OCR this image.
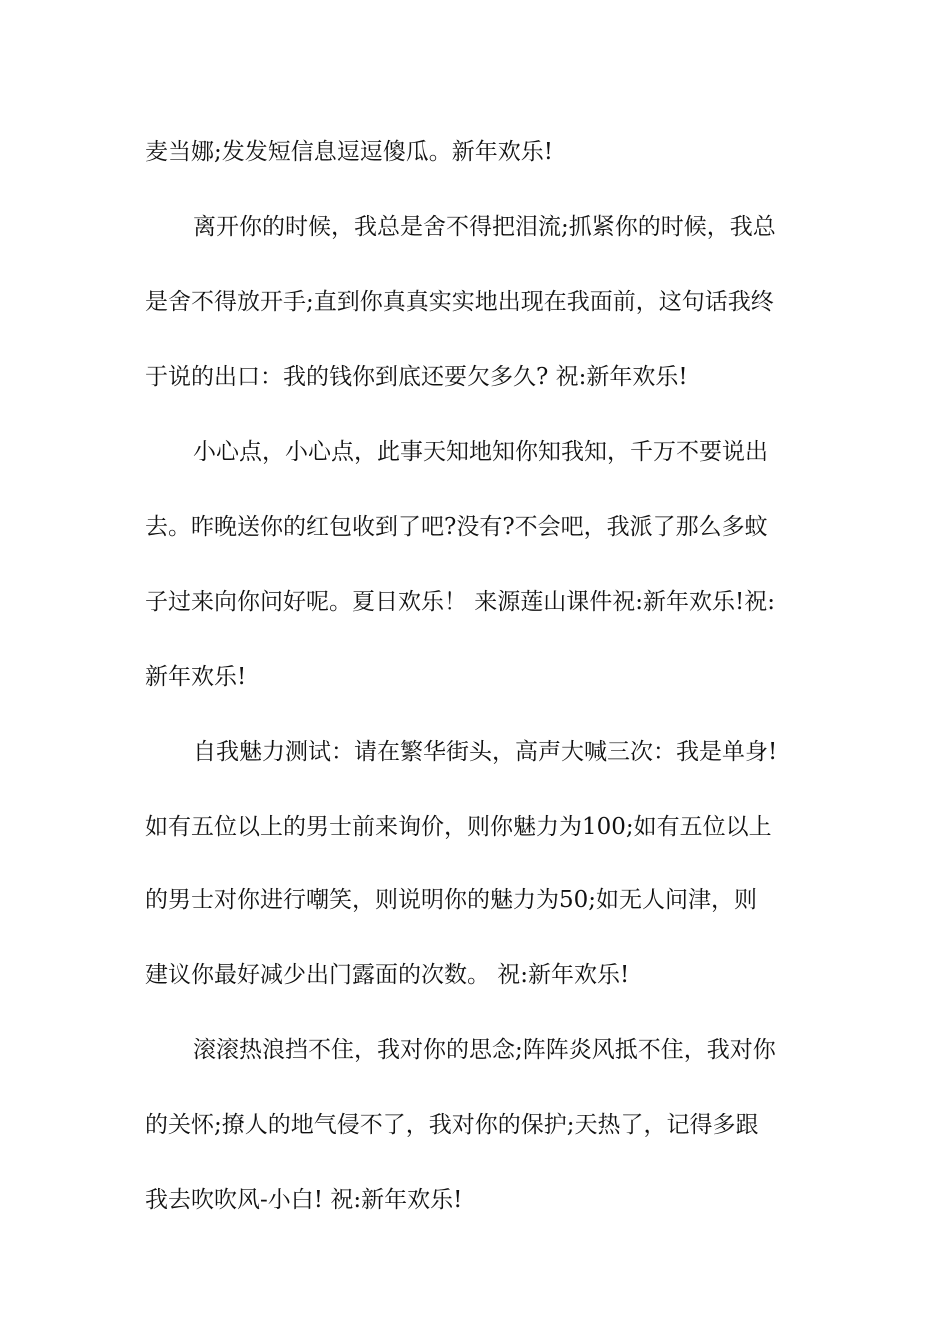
麦当娜;发发短信息逗逗傻瓜。新年欢乐!
离开你的时候，我总是舍不得把泪流;抓紧你的时候，我总
是舍不得放开手;直到你真真实实地出现在我面前，这句话我终
于说的出口：我的钱你到底还要欠多久? 祝:新年欢乐!
小心点，小心点，此事天知地知你知我知，千万不要说出
去。昨晚送你的红包收到了吧?没有?不会吧，我派了那么多蚊
子过来向你问好呢。夏日欢乐！ 来源莲山课件祝:新年欢乐!祝:
新年欢乐!
自我魅力测试：请在繁华街头，高声大喊三次：我是单身!
如有五位以上的男士前来询价，则你魅力为100;如有五位以上
的男士对你进行嘲笑，则说明你的魅力为50;如无人问津，则
建议你最好减少出门露面的次数。 祝:新年欢乐!
滚滚热浪挡不住，我对你的思念;阵阵炎风抵不住，我对你
的关怀;撩人的地气侵不了，我对你的保护;天热了，记得多跟
我去吹吹风-小白! 祝:新年欢乐!
